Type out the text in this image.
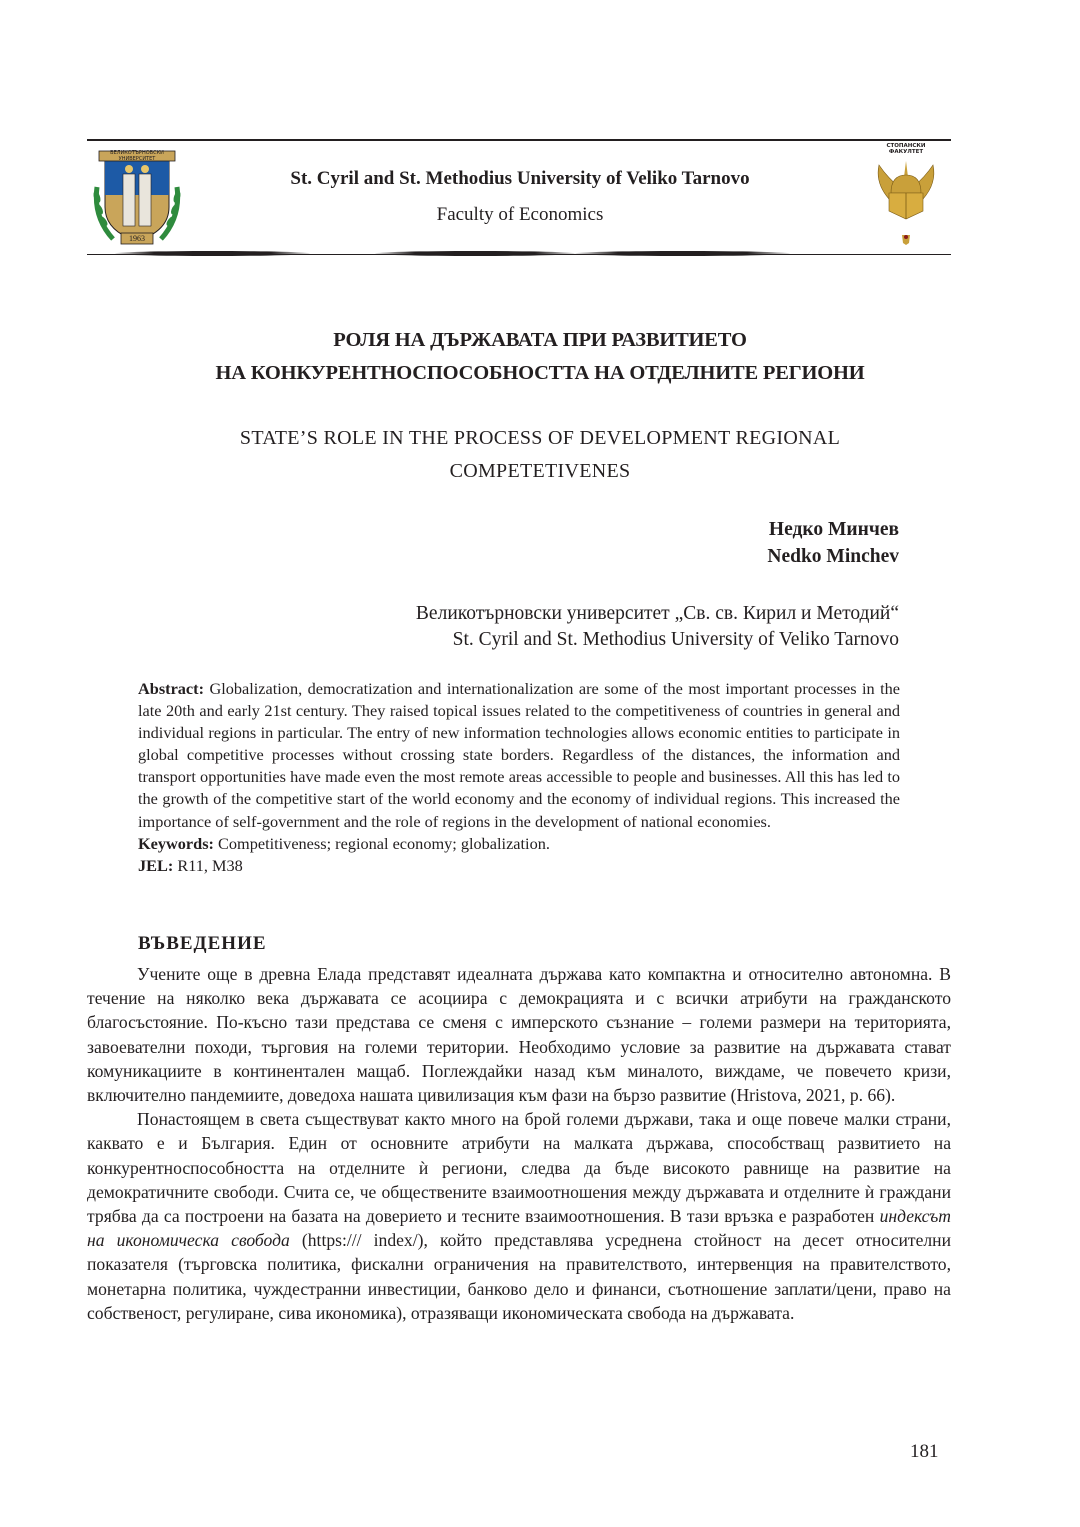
ВЕЛИКОТЪРНОВСКИ УНИВЕРСИТЕТ
1963
St. Cyril and St. Methodius University of Veliko Tarnovo
Faculty of Economics
СТОПАНСКИ
ФАКУЛТЕТ
РОЛЯ НА ДЪРЖАВАТА ПРИ РАЗВИТИЕТО
НА КОНКУРЕНТНОСПОСОБНОСТТА НА ОТДЕЛНИТЕ РЕГИОНИ
STATE’S ROLE IN THE PROCESS OF DEVELOPMENT REGIONAL
COMPETETIVENES
Недко Минчев
Nedko Minchev
Великотърновски университет „Св. св. Кирил и Методий“
St. Cyril and St. Methodius University of Veliko Tarnovo
Abstract: Globalization, democratization and internationalization are some of the most important processes in the late 20th and early 21st century. They raised topical issues related to the competitiveness of countries in general and individual regions in particular. The entry of new information technologies allows economic entities to participate in global competitive processes without crossing state borders. Regardless of the distances, the information and transport opportunities have made even the most remote areas accessible to people and businesses. All this has led to the growth of the competitive start of the world economy and the economy of individual regions. This increased the importance of self-government and the role of regions in the development of national economies.
Keywords: Competitiveness; regional economy; globalization.
JEL: R11, M38
ВЪВЕДЕНИЕ

Учените още в древна Елада представят идеалната държава като компактна и относително автономна. В течение на няколко века държавата се асоциира с демокрацията и с всички атрибути на гражданското благосъстояние. По-късно тази представа се сменя с имперското съзнание – големи размери на територията, завоевателни походи, търговия на големи територии. Необходимо условие за развитие на държавата стават комуникациите в континентален мащаб. Поглеждайки назад към миналото, виждаме, че повечето кризи, включително пандемиите, доведоха нашата цивилизация към фази на бързо развитие (Hristova, 2021, p. 66).

Понастоящем в света съществуват както много на брой големи държави, така и още повече малки страни, каквато е и България. Един от основните атрибути на малката държава, способстващ развитието на конкурентноспособността на отделните ѝ региони, следва да бъде високото равнище на развитие на демократичните свободи. Счита се, че обществените взаимоотношения между държавата и отделните ѝ граждани трябва да са построени на базата на доверието и тесните взаимоотношения. В тази връзка е разработен индексът на икономическа свобода (https:/// index/), който представлява усреднена стойност на десет относителни показателя (търговска политика, фискални ограничения на правителството, интервенция на правителството, монетарна политика, чуждестранни инвестиции, банково дело и финанси, съотношение заплати/цени, право на собственост, регулиране, сива икономика), отразяващи икономическата свобода на държавата.

181
